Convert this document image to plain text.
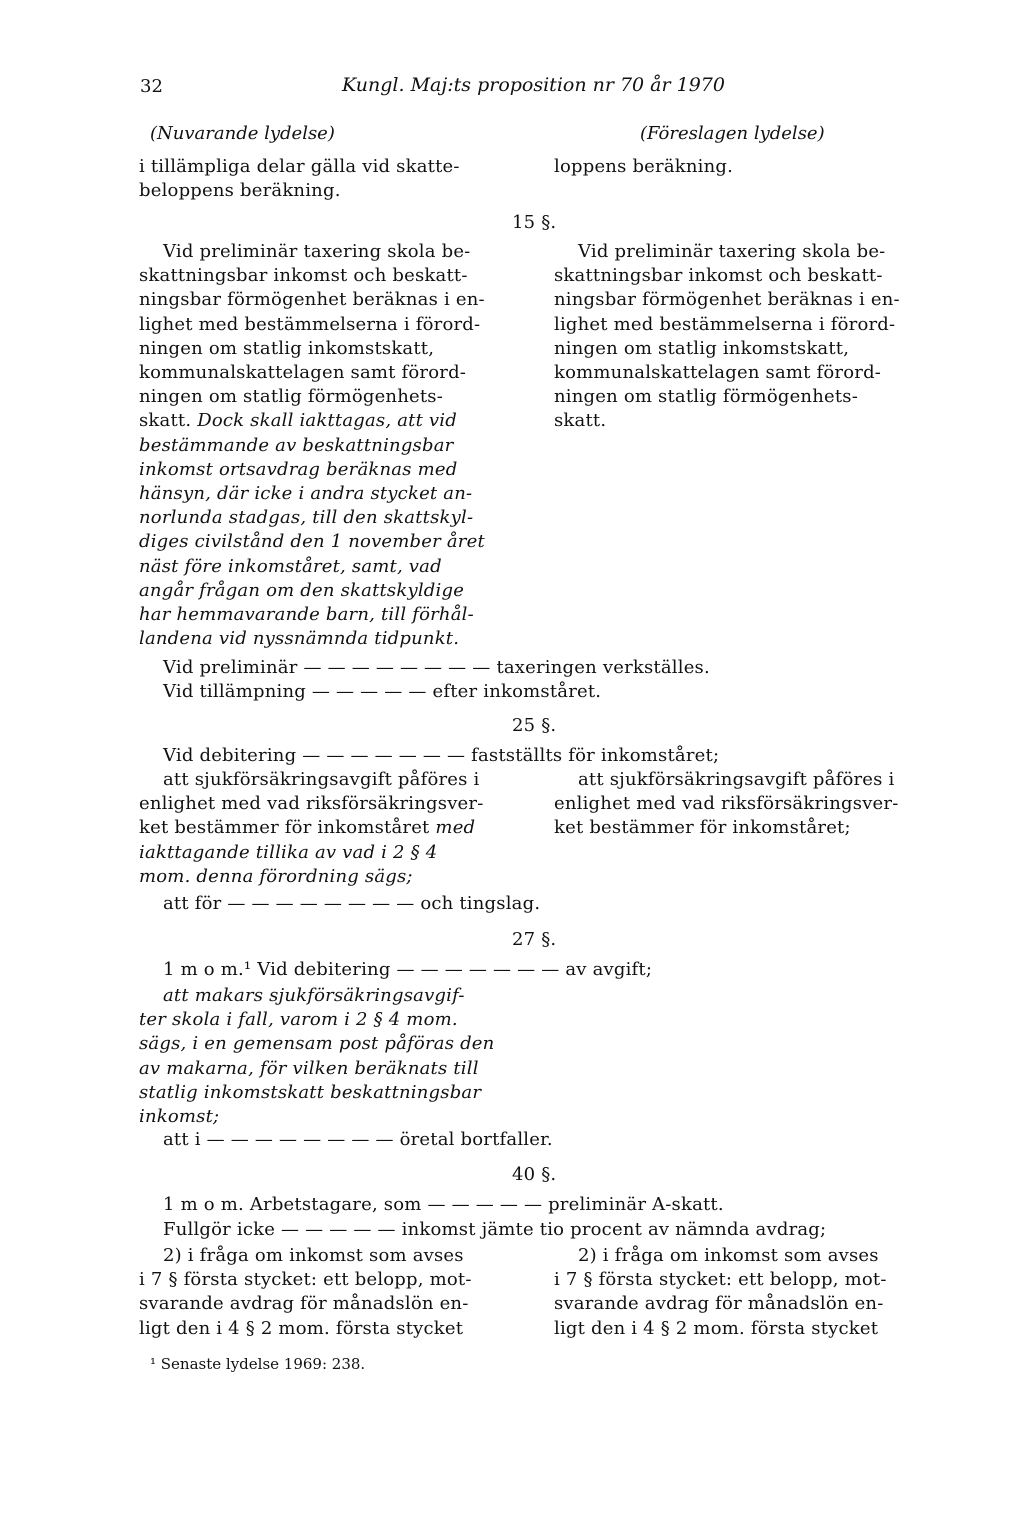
32	Kungl. Maj:ts proposition nr 70 år 1970
(Nuvarande lydelse)	(Föreslagen lydelse)
i tillämpliga delar gälla vid skatte-
beloppens beräkning.
loppens beräkning.
15 §.
Vid preliminär taxering skola be-
skattningsbar inkomst och beskatt-
ningsbar förmögenhet beräknas i en-
lighet med bestämmelserna i förord-
ningen om statlig inkomstskatt,
kommunalskattelagen samt förord-
ningen om statlig förmögenhets-
skatt. Dock skall iakttagas, att vid
bestämmande av beskattningsbar
inkomst ortsavdrag beräknas med
hänsyn, där icke i andra stycket an-
norlunda stadgas, till den skattskyl-
diges civilstånd den 1 november året
näst före inkomståret, samt, vad
angår frågan om den skattskyldige
har hemmavarande barn, till förhål-
landena vid nyssnämnda tidpunkt.
Vid preliminär taxering skola be-
skattningsbar inkomst och beskatt-
ningsbar förmögenhet beräknas i en-
lighet med bestämmelserna i förord-
ningen om statlig inkomstskatt,
kommunalskattelagen samt förord-
ningen om statlig förmögenhets-
skatt.
Vid preliminär — — — — — — — — taxeringen verkställes.
Vid tillämpning — — — — — efter inkomståret.
25 §.
Vid debitering — — — — — — — fastställts för inkomståret;
att sjukförsäkringsavgift påföres i
enlighet med vad riksförsäkringsver-
ket bestämmer för inkomståret med
iakttagande tillika av vad i 2 § 4
mom. denna förordning sägs;
att sjukförsäkringsavgift påföres i
enlighet med vad riksförsäkringsver-
ket bestämmer för inkomståret;
att för — — — — — — — — och tingslag.
27 §.
1 m o m.¹ Vid debitering — — — — — — — av avgift;
att makars sjukförsäkringsavgif-
ter skola i fall, varom i 2 § 4 mom.
sägs, i en gemensam post påföras den
av makarna, för vilken beräknats till
statlig inkomstskatt beskattningsbar
inkomst;
att i — — — — — — — — öretal bortfaller.
40 §.
1 m o m. Arbetstagare, som — — — — — preliminär A-skatt.
Fullgör icke — — — — — inkomst jämte tio procent av nämnda avdrag;
2) i fråga om inkomst som avses
i 7 § första stycket: ett belopp, mot-
svarande avdrag för månadslön en-
ligt den i 4 § 2 mom. första stycket
2) i fråga om inkomst som avses
i 7 § första stycket: ett belopp, mot-
svarande avdrag för månadslön en-
ligt den i 4 § 2 mom. första stycket
¹ Senaste lydelse 1969: 238.
